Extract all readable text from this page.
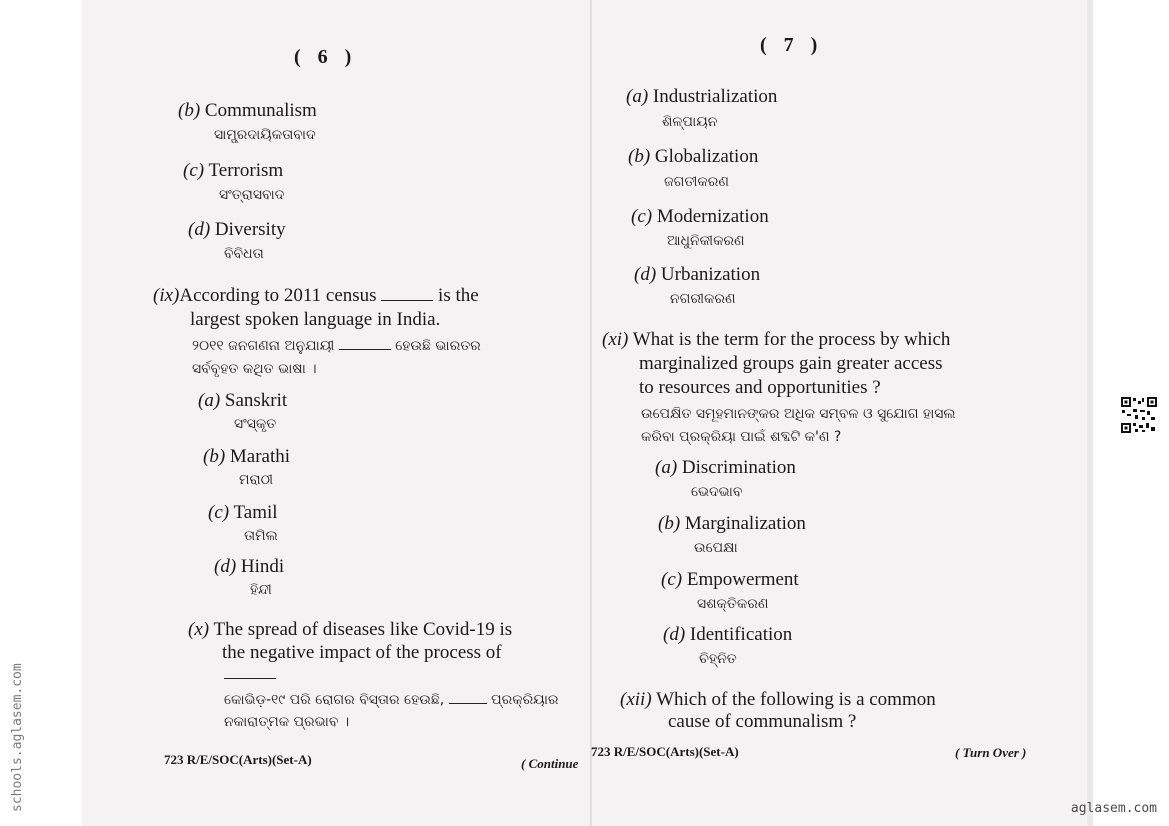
( 6 )
(b) Communalism
ସାମ୍ପ୍ରଦାୟିକତାବାଦ
(c) Terrorism
ସଂତ୍ରାସବାଦ
(d) Diversity
ବିବିଧତା
(ix)According to 2011 census	is the
largest spoken language in India.
୨୦୧୧ ଜନଗଣନା ଅନୁଯାୟୀ	ହେଉଛି ଭାରତର
ସର୍ବବୃହତ କଥିତ ଭାଷା ।
(a) Sanskrit
ସଂସ୍କୃତ
(b) Marathi
ମରାଠୀ
(c) Tamil
ତାମିଲ
(d) Hindi
ହିନ୍ଦୀ
(x) The spread of diseases like Covid-19 is
the negative impact of the process of
କୋଭିଡ଼-୧୯ ପରି ରୋଗର ବିସ୍ତାର ହେଉଛି,	ପ୍ରକ୍ରିୟାର
ନକାରାତ୍ମକ ପ୍ରଭାବ ।
723 R/E/SOC(Arts)(Set-A)	( Continue
( 7 )
(a) Industrialization
ଶିଳ୍ପାୟନ
(b) Globalization
ଜଗତୀକରଣ
(c) Modernization
ଆଧୁନିକୀକରଣ
(d) Urbanization
ନଗରୀକରଣ
(xi) What is the term for the process by which
marginalized groups gain greater access
to resources and opportunities ?
ଉପେକ୍ଷିତ ସମୂହମାନଙ୍କର ଅଧିକ ସମ୍ବଳ ଓ ସୁଯୋଗ ହାସଲ
କରିବା ପ୍ରକ୍ରିୟା ପାଇଁ ଶବ୍ଦଟି କ'ଣ ?
(a) Discrimination
ଭେଦଭାବ
(b) Marginalization
ଉପେକ୍ଷା
(c) Empowerment
ସଶକ୍ତିକରଣ
(d) Identification
ଚିହ୍ନିତ
(xii) Which of the following is a common
cause of communalism ?
723 R/E/SOC(Arts)(Set-A)	( Turn Over )
schools.aglasem.com	aglasem.com
